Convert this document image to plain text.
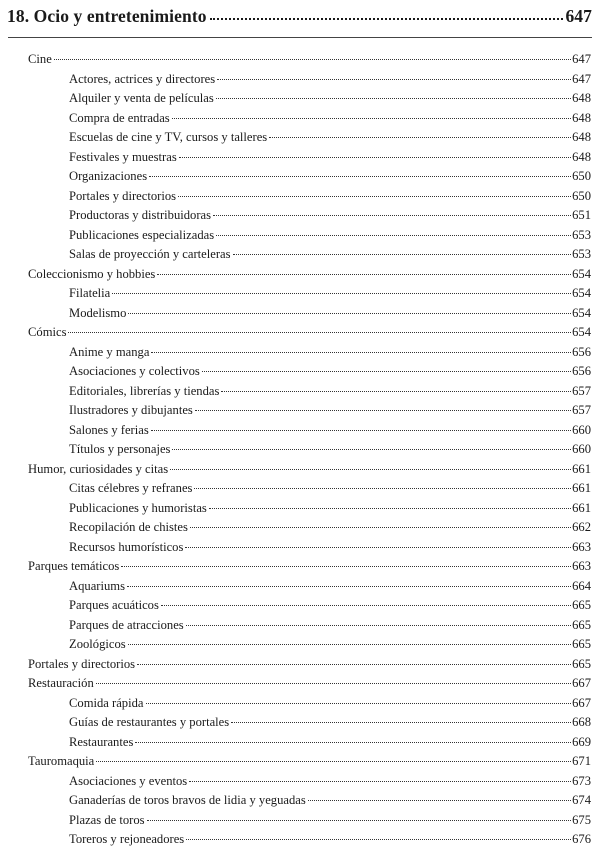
18. Ocio y entretenimiento	647
Cine	647
Actores, actrices y directores	647
Alquiler y venta de películas	648
Compra de entradas	648
Escuelas de cine y TV, cursos y talleres	648
Festivales y muestras	648
Organizaciones	650
Portales y directorios	650
Productoras y distribuidoras	651
Publicaciones especializadas	653
Salas de proyección y carteleras	653
Coleccionismo y hobbies	654
Filatelia	654
Modelismo	654
Cómics	654
Anime y manga	656
Asociaciones y colectivos	656
Editoriales, librerías y tiendas	657
Ilustradores y dibujantes	657
Salones y ferias	660
Títulos y personajes	660
Humor, curiosidades y citas	661
Citas célebres y refranes	661
Publicaciones y humoristas	661
Recopilación de chistes	662
Recursos humorísticos	663
Parques temáticos	663
Aquariums	664
Parques acuáticos	665
Parques de atracciones	665
Zoológicos	665
Portales y directorios	665
Restauración	667
Comida rápida	667
Guías de restaurantes y portales	668
Restaurantes	669
Tauromaquia	671
Asociaciones y eventos	673
Ganaderías de toros bravos de lidia y yeguadas	674
Plazas de toros	675
Toreros y rejoneadores	676
